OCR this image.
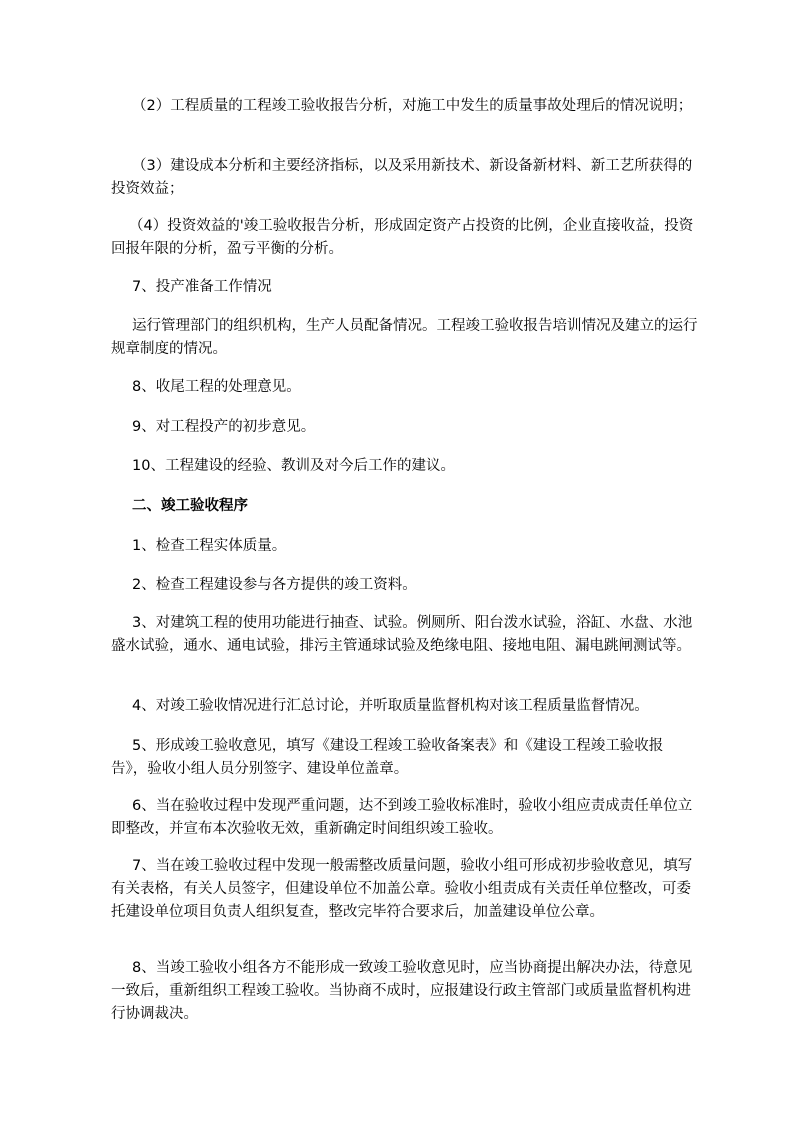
（2）工程质量的工程竣工验收报告分析，对施工中发生的质量事故处理后的情况说明；

（3）建设成本分析和主要经济指标，以及采用新技术、新设备新材料、新工艺所获得的投资效益；

（4）投资效益的'竣工验收报告分析，形成固定资产占投资的比例，企业直接收益，投资回报年限的分析，盈亏平衡的分析。

7、投产准备工作情况

运行管理部门的组织机构，生产人员配备情况。工程竣工验收报告培训情况及建立的运行规章制度的情况。

8、收尾工程的处理意见。

9、对工程投产的初步意见。

10、工程建设的经验、教训及对今后工作的建议。

二、竣工验收程序

1、检查工程实体质量。

2、检查工程建设参与各方提供的竣工资料。

3、对建筑工程的使用功能进行抽查、试验。例厕所、阳台泼水试验，浴缸、水盘、水池盛水试验，通水、通电试验，排污主管通球试验及绝缘电阻、接地电阻、漏电跳闸测试等。

4、对竣工验收情况进行汇总讨论，并听取质量监督机构对该工程质量监督情况。

5、形成竣工验收意见，填写《建设工程竣工验收备案表》和《建设工程竣工验收报告》，验收小组人员分别签字、建设单位盖章。

6、当在验收过程中发现严重问题，达不到竣工验收标准时，验收小组应责成责任单位立即整改，并宣布本次验收无效，重新确定时间组织竣工验收。

7、当在竣工验收过程中发现一般需整改质量问题，验收小组可形成初步验收意见，填写有关表格，有关人员签字，但建设单位不加盖公章。验收小组责成有关责任单位整改，可委托建设单位项目负责人组织复查，整改完毕符合要求后，加盖建设单位公章。

8、当竣工验收小组各方不能形成一致竣工验收意见时，应当协商提出解决办法，待意见一致后，重新组织工程竣工验收。当协商不成时，应报建设行政主管部门或质量监督机构进行协调裁决。
